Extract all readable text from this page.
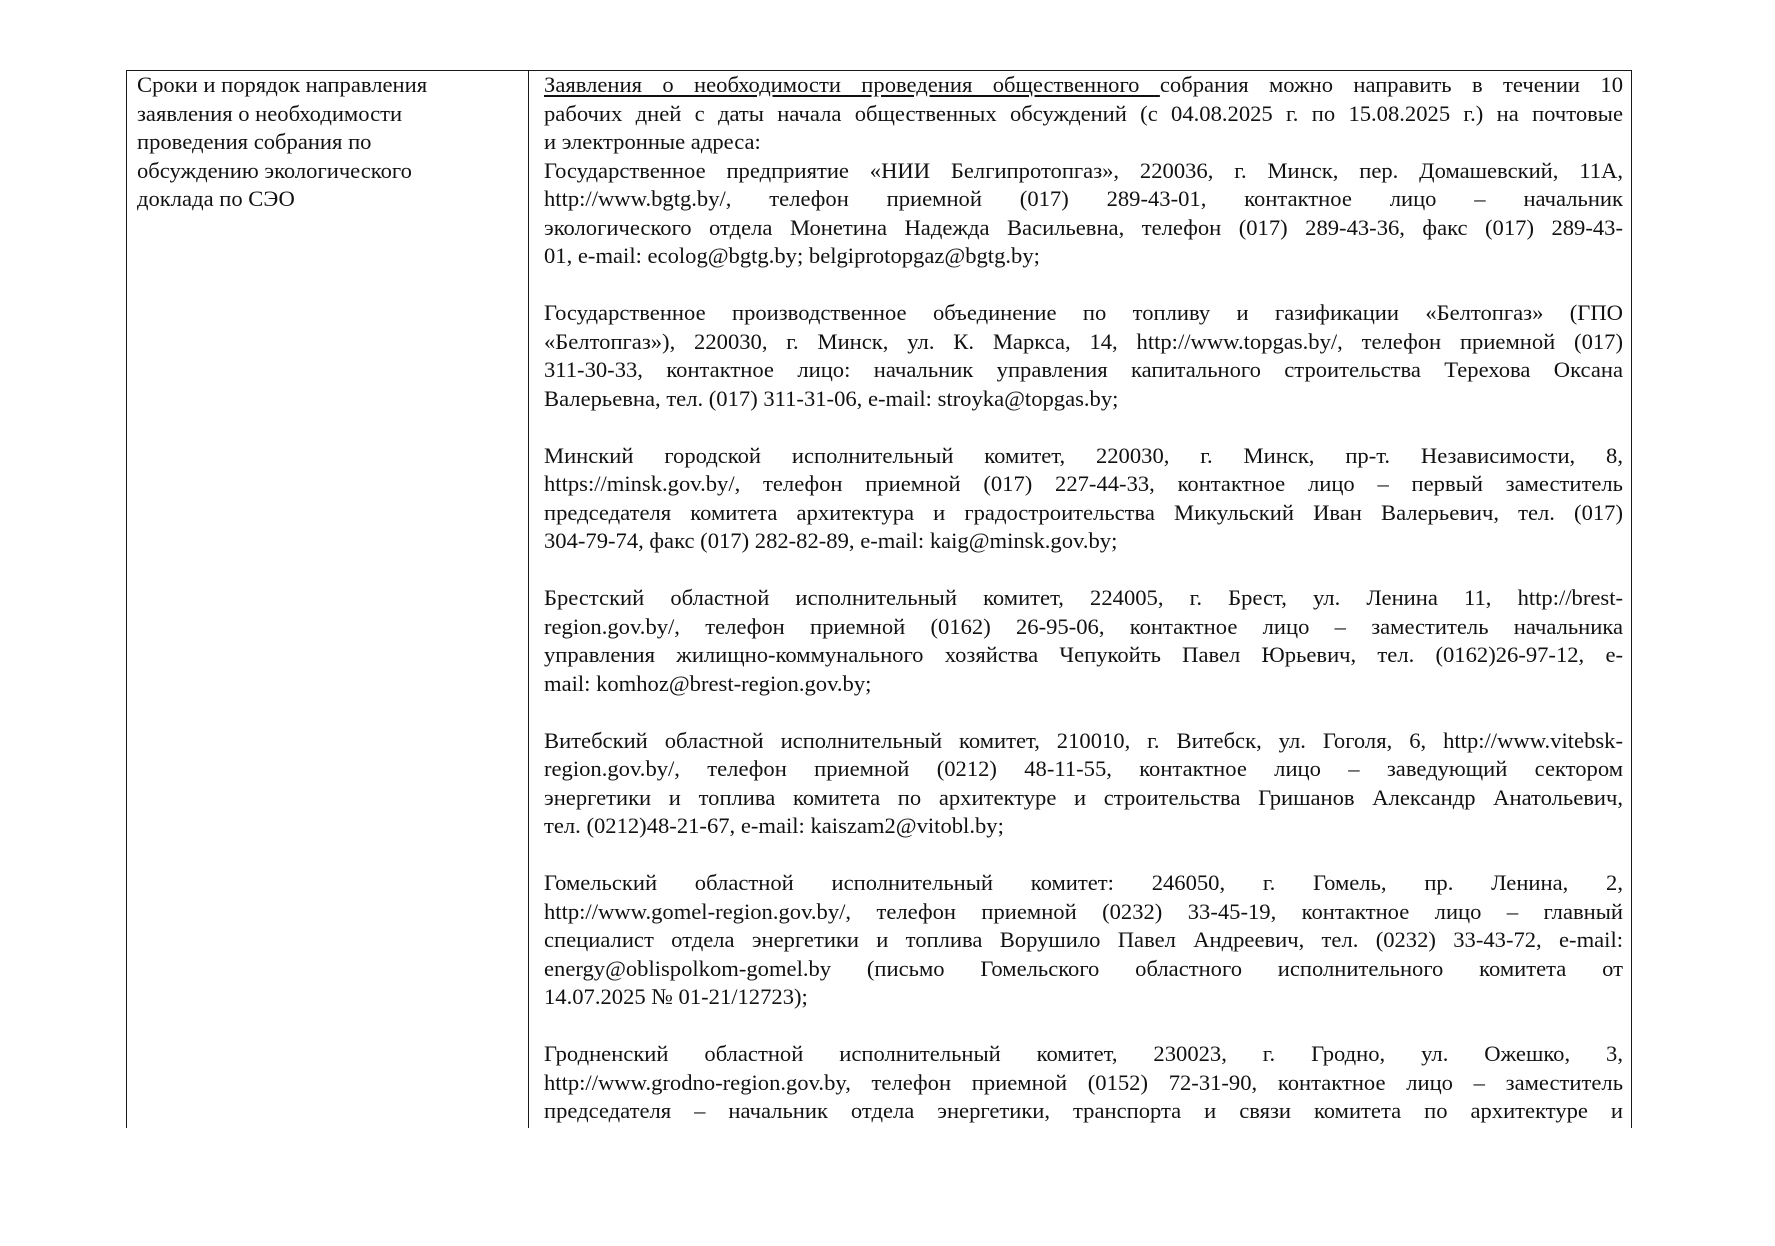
Сроки и порядок направления
заявления о необходимости
проведения собрания по
обсуждению экологического
доклада по СЭО
Заявления о необходимости проведения общественного собрания можно направить в течении 10
рабочих дней с даты начала общественных обсуждений (с 04.08.2025 г. по 15.08.2025 г.) на почтовые
и электронные адреса:
Государственное предприятие «НИИ Белгипротопгаз», 220036, г. Минск, пер. Домашевский, 11А,
http://www.bgtg.by/, телефон приемной (017) 289-43-01, контактное лицо – начальник
экологического отдела Монетина Надежда Васильевна, телефон (017) 289-43-36, факс (017) 289-43-
01, e-mail: ecolog@bgtg.by; belgiprotopgaz@bgtg.by;
Государственное производственное объединение по топливу и газификации «Белтопгаз» (ГПО
«Белтопгаз»), 220030, г. Минск, ул. К. Маркса, 14, http://www.topgas.by/, телефон приемной (017)
311-30-33, контактное лицо: начальник управления капитального строительства Терехова Оксана
Валерьевна, тел. (017) 311-31-06, e-mail: stroyka@topgas.by;
Минский городской исполнительный комитет, 220030, г. Минск, пр-т. Независимости, 8,
https://minsk.gov.by/, телефон приемной (017) 227-44-33, контактное лицо – первый заместитель
председателя комитета архитектура и градостроительства Микульский Иван Валерьевич, тел. (017)
304-79-74, факс (017) 282-82-89, e-mail: kaig@minsk.gov.by;
Брестский областной исполнительный комитет, 224005, г. Брест, ул. Ленина 11, http://brest-
region.gov.by/, телефон приемной (0162) 26-95-06, контактное лицо – заместитель начальника
управления жилищно-коммунального хозяйства Чепукойть Павел Юрьевич, тел. (0162)26-97-12, e-
mail: komhoz@brest-region.gov.by;
Витебский областной исполнительный комитет, 210010, г. Витебск, ул. Гоголя, 6, http://www.vitebsk-
region.gov.by/, телефон приемной (0212) 48-11-55, контактное лицо – заведующий сектором
энергетики и топлива комитета по архитектуре и строительства Гришанов Александр Анатольевич,
тел. (0212)48-21-67, e-mail: kaiszam2@vitobl.by;
Гомельский областной исполнительный комитет: 246050, г. Гомель, пр. Ленина, 2,
http://www.gomel-region.gov.by/, телефон приемной (0232) 33-45-19, контактное лицо – главный
специалист отдела энергетики и топлива Ворушило Павел Андреевич, тел. (0232) 33-43-72, e-mail:
energy@oblispolkom-gomel.by (письмо Гомельского областного исполнительного комитета от
14.07.2025 № 01-21/12723);
Гродненский областной исполнительный комитет, 230023, г. Гродно, ул. Ожешко, 3,
http://www.grodno-region.gov.by, телефон приемной (0152) 72-31-90, контактное лицо – заместитель
председателя – начальник отдела энергетики, транспорта и связи комитета по архитектуре и
